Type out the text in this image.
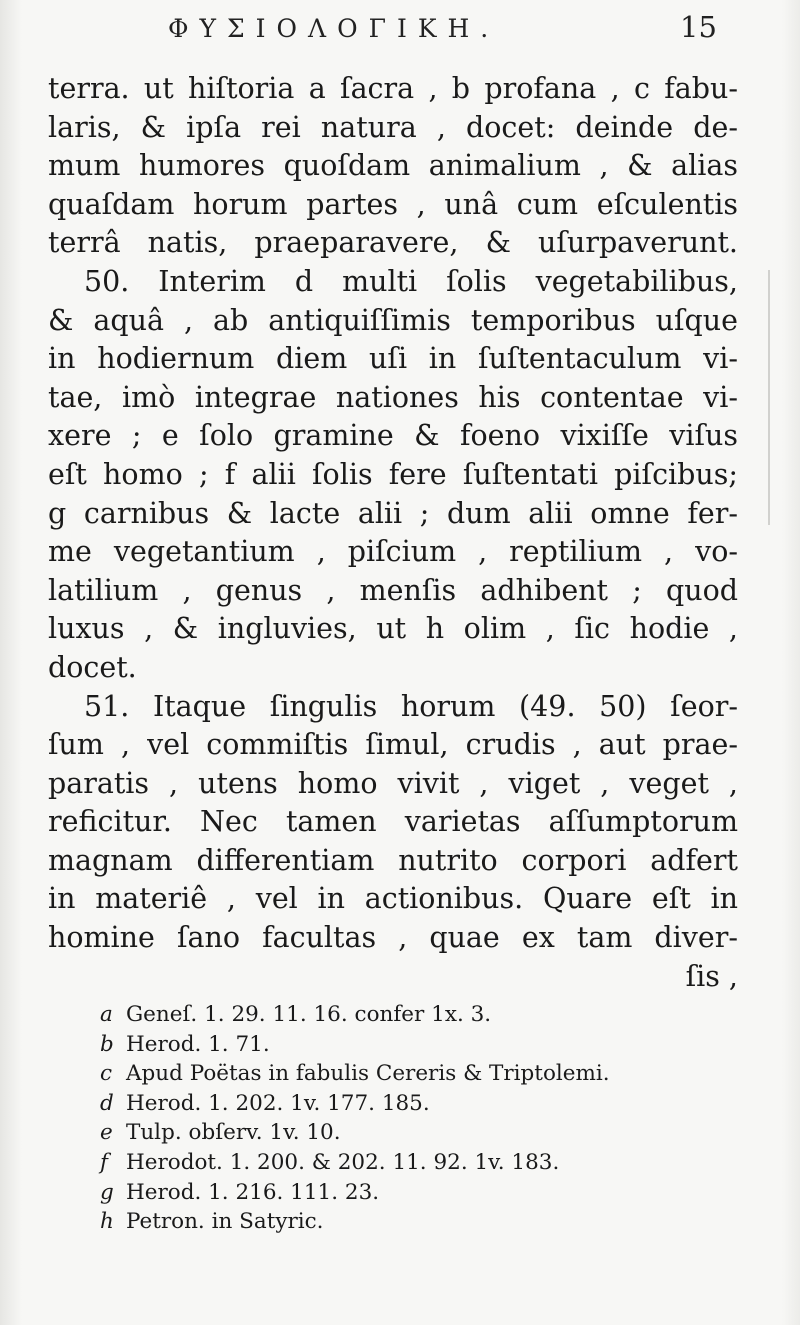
ΦΥΣΙΟΛΟΓΙΚΗ.	15
terra. ut hiſtoria a ſacra , b profana , c fabu-
laris, & ipſa rei natura , docet: deinde de-
mum humores quoſdam animalium , & alias
quaſdam horum partes , unâ cum eſculentis
terrâ natis, praeparavere, & uſurpaverunt.
50. Interim d multi ſolis vegetabilibus,
& aquâ , ab antiquiſſimis temporibus uſque
in hodiernum diem uſi in ſuſtentaculum vi-
tae, imò integrae nationes his contentae vi-
xere ; e ſolo gramine & foeno vixiſſe viſus
eſt homo ; f alii ſolis fere ſuſtentati piſcibus;
g carnibus & lacte alii ; dum alii omne fer-
me vegetantium , piſcium , reptilium , vo-
latilium , genus , menſis adhibent ; quod
luxus , & ingluvies, ut h olim , ſic hodie ,
docet.
51. Itaque ſingulis horum (49. 50) ſeor-
ſum , vel commiſtis ſimul, crudis , aut prae-
paratis , utens homo vivit , viget , veget ,
reficitur. Nec tamen varietas aſſumptorum
magnam differentiam nutrito corpori adfert
in materiê , vel in actionibus. Quare eſt in
homine ſano facultas , quae ex tam diver-
ſis ,
a Geneſ. 1. 29. 11. 16. confer 1x. 3.
b Herod. 1. 71.
c Apud Poëtas in fabulis Cereris & Triptolemi.
d Herod. 1. 202. 1v. 177. 185.
e Tulp. obſerv. 1v. 10.
f Herodot. 1. 200. & 202. 11. 92. 1v. 183.
g Herod. 1. 216. 111. 23.
h Petron. in Satyric.
